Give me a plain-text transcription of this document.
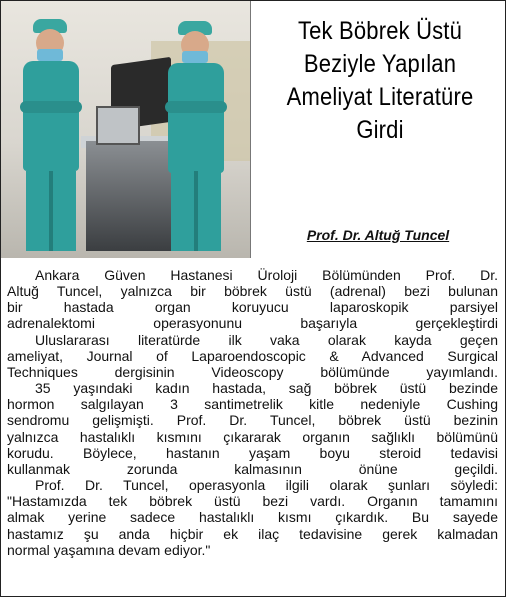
Tek Böbrek Üstü
Beziyle Yapılan
Ameliyat Literatüre
Girdi
Prof. Dr. Altuğ Tuncel
Ankara Güven Hastanesi Üroloji Bölümünden Prof. Dr.
Altuğ Tuncel, yalnızca bir böbrek üstü (adrenal) bezi bulunan
bir hastada organ koruyucu laparoskopik parsiyel
adrenalektomi operasyonunu başarıyla gerçekleştirdi
Uluslararası literatürde ilk vaka olarak kayda geçen
ameliyat, Journal of Laparoendoscopic & Advanced Surgical
Techniques dergisinin Videoscopy bölümünde yayımlandı.
35 yaşındaki kadın hastada, sağ böbrek üstü bezinde
hormon salgılayan 3 santimetrelik kitle nedeniyle Cushing
sendromu gelişmişti. Prof. Dr. Tuncel, böbrek üstü bezinin
yalnızca hastalıklı kısmını çıkararak organın sağlıklı bölümünü
korudu. Böylece, hastanın yaşam boyu steroid tedavisi
kullanmak zorunda kalmasının önüne geçildi.
Prof. Dr. Tuncel, operasyonla ilgili olarak şunları söyledi:
"Hastamızda tek böbrek üstü bezi vardı. Organın tamamını
almak yerine sadece hastalıklı kısmı çıkardık. Bu sayede
hastamız şu anda hiçbir ek ilaç tedavisine gerek kalmadan
normal yaşamına devam ediyor."
